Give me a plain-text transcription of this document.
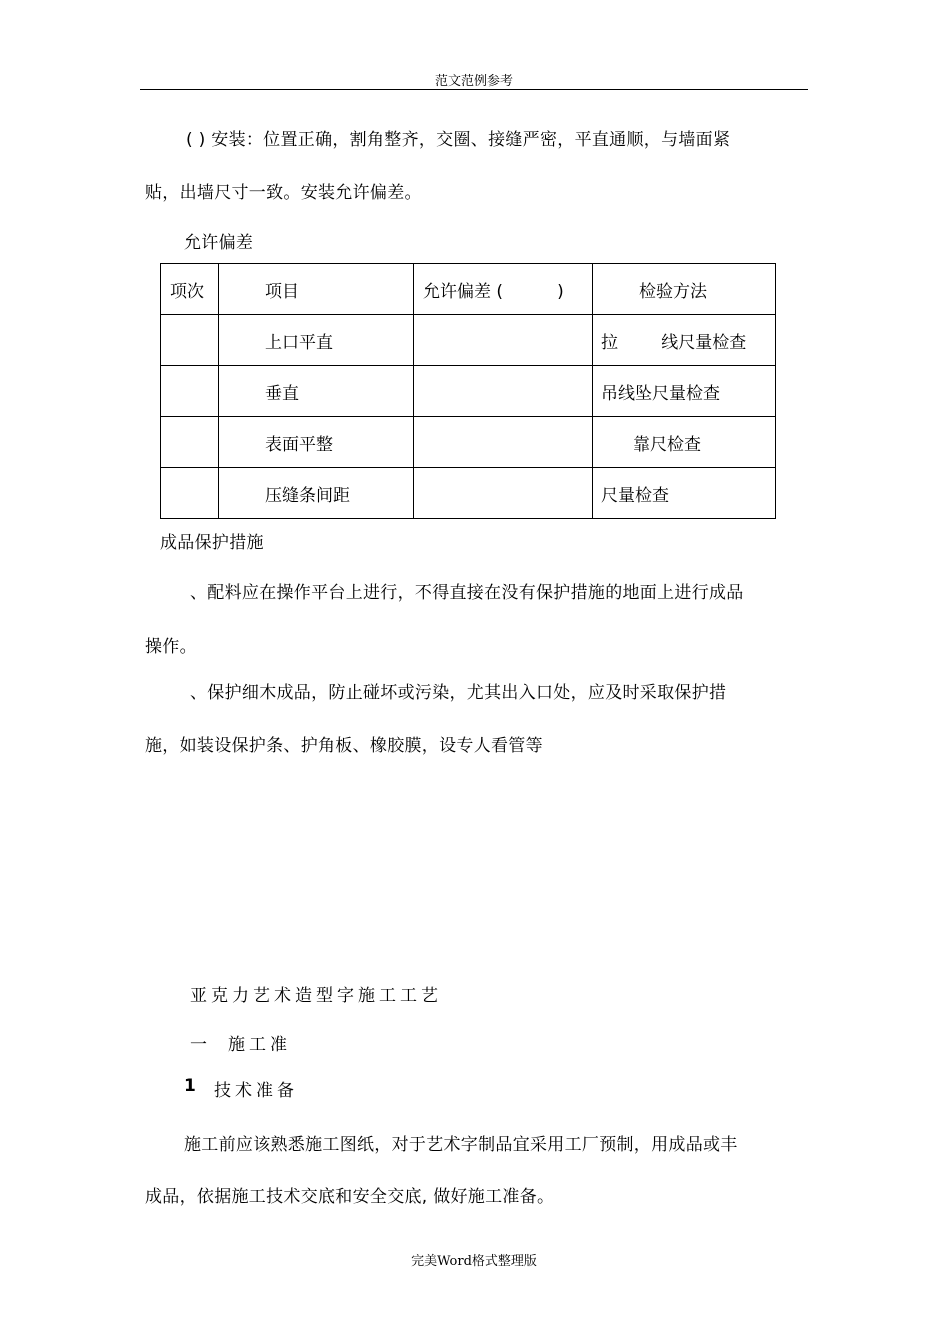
范文范例参考
( ) 安装：位置正确，割角整齐，交圈、接缝严密，平直通顺，与墙面紧
贴，出墙尺寸一致。安装允许偏差。
允许偏差
项次	项目	允许偏差 (          )	检验方法
	上口平直		拉        线尺量检查
	垂直		吊线坠尺量检查
	表面平整		靠尺检查
	压缝条间距		尺量检查
成品保护措施
、配料应在操作平台上进行，不得直接在没有保护措施的地面上进行成品
操作。
、保护细木成品，防止碰坏或污染，尤其出入口处，应及时采取保护措
施，如装设保护条、护角板、橡胶膜，设专人看管等
亚克力艺术造型字施工工艺
一 施工准
1 技术准备
施工前应该熟悉施工图纸，对于艺术字制品宜采用工厂预制，用成品或丰
成品，依据施工技术交底和安全交底, 做好施工准备。
完美Word格式整理版
